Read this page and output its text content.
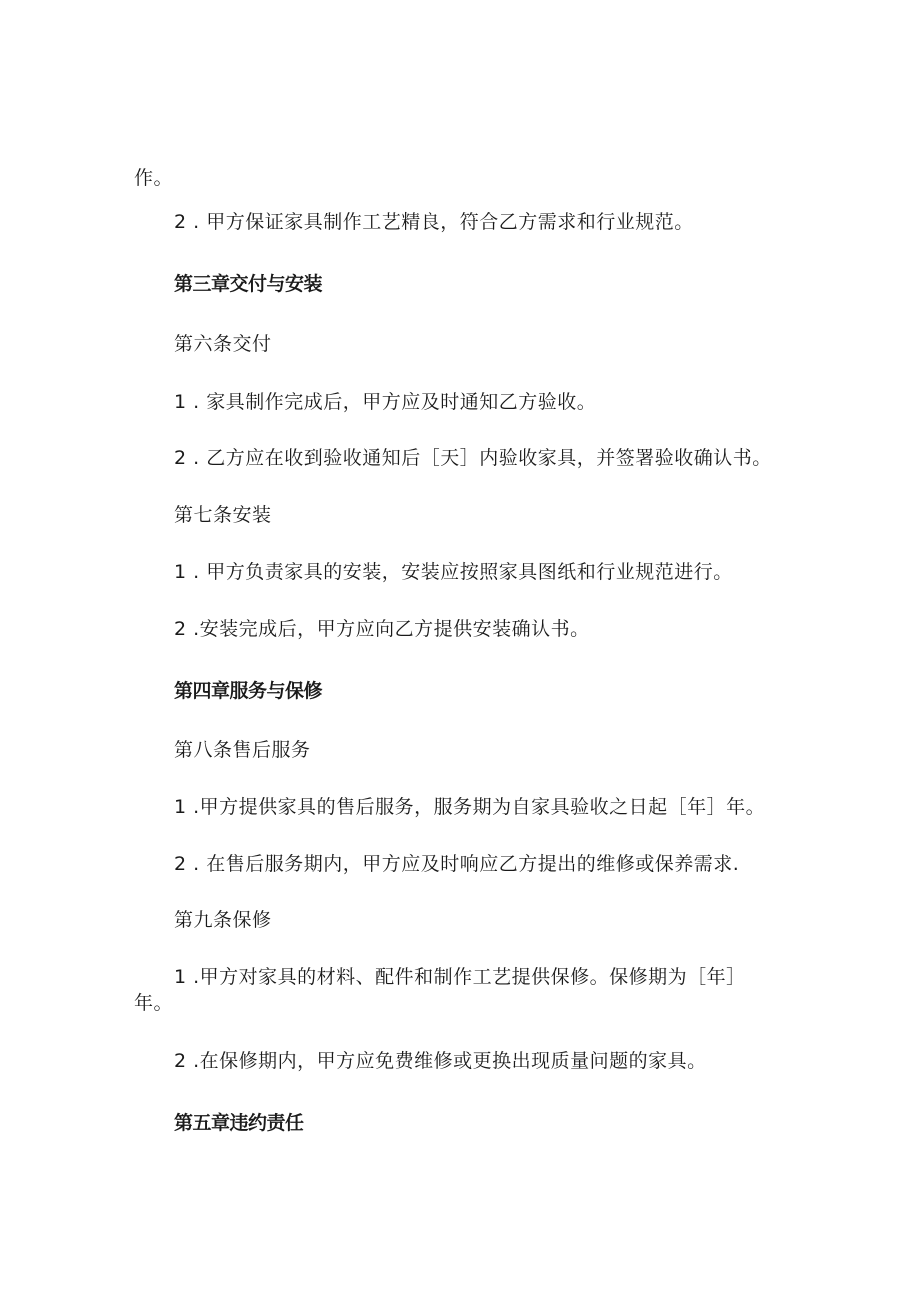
作。
2 . 甲方保证家具制作工艺精良，符合乙方需求和行业规范。
第三章交付与安装
第六条交付
1 . 家具制作完成后，甲方应及时通知乙方验收。
2 . 乙方应在收到验收通知后［天］内验收家具，并签署验收确认书。
第七条安装
1 . 甲方负责家具的安装，安装应按照家具图纸和行业规范进行。
2 .安装完成后，甲方应向乙方提供安装确认书。
第四章服务与保修
第八条售后服务
1 .甲方提供家具的售后服务，服务期为自家具验收之日起［年］年。
2 . 在售后服务期内，甲方应及时响应乙方提出的维修或保养需求.
第九条保修
1 .甲方对家具的材料、配件和制作工艺提供保修。保修期为［年］
年。
2 .在保修期内，甲方应免费维修或更换出现质量问题的家具。
第五章违约责任
